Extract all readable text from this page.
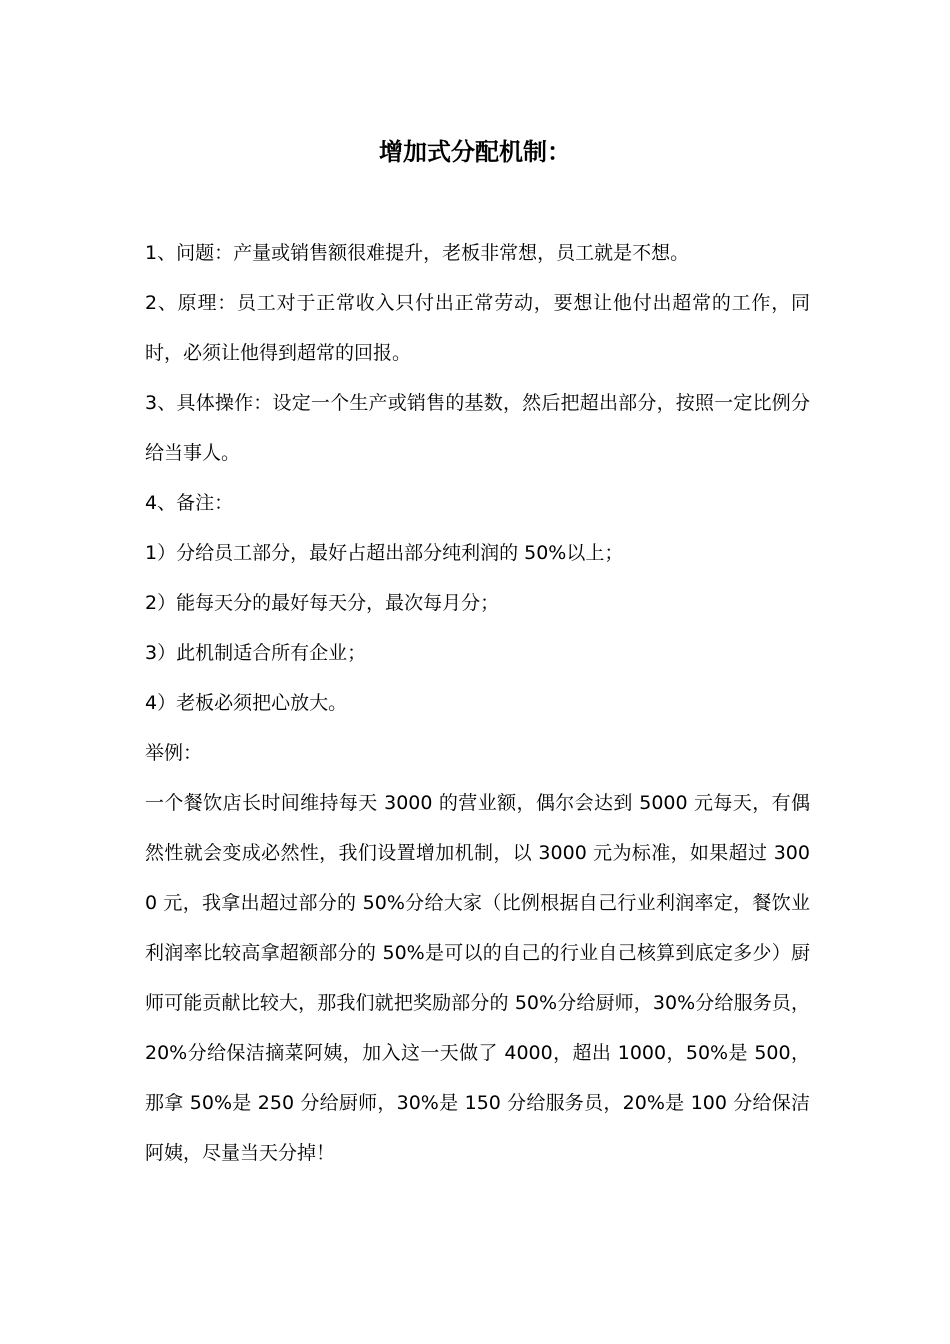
增加式分配机制：

1、问题：产量或销售额很难提升，老板非常想，员工就是不想。

2、原理：员工对于正常收入只付出正常劳动，要想让他付出超常的工作，同时，必须让他得到超常的回报。

3、具体操作：设定一个生产或销售的基数，然后把超出部分，按照一定比例分给当事人。

4、备注：

1）分给员工部分，最好占超出部分纯利润的 50%以上；

2）能每天分的最好每天分，最次每月分；

3）此机制适合所有企业；

4）老板必须把心放大。

举例：

一个餐饮店长时间维持每天 3000 的营业额，偶尔会达到 5000 元每天，有偶然性就会变成必然性，我们设置增加机制，以 3000 元为标准，如果超过 3000 元，我拿出超过部分的 50%分给大家（比例根据自己行业利润率定，餐饮业利润率比较高拿超额部分的 50%是可以的自己的行业自己核算到底定多少）厨师可能贡献比较大，那我们就把奖励部分的 50%分给厨师，30%分给服务员，20%分给保洁摘菜阿姨，加入这一天做了 4000，超出 1000，50%是 500，那拿 50%是 250 分给厨师，30%是 150 分给服务员，20%是 100 分给保洁阿姨，尽量当天分掉！
